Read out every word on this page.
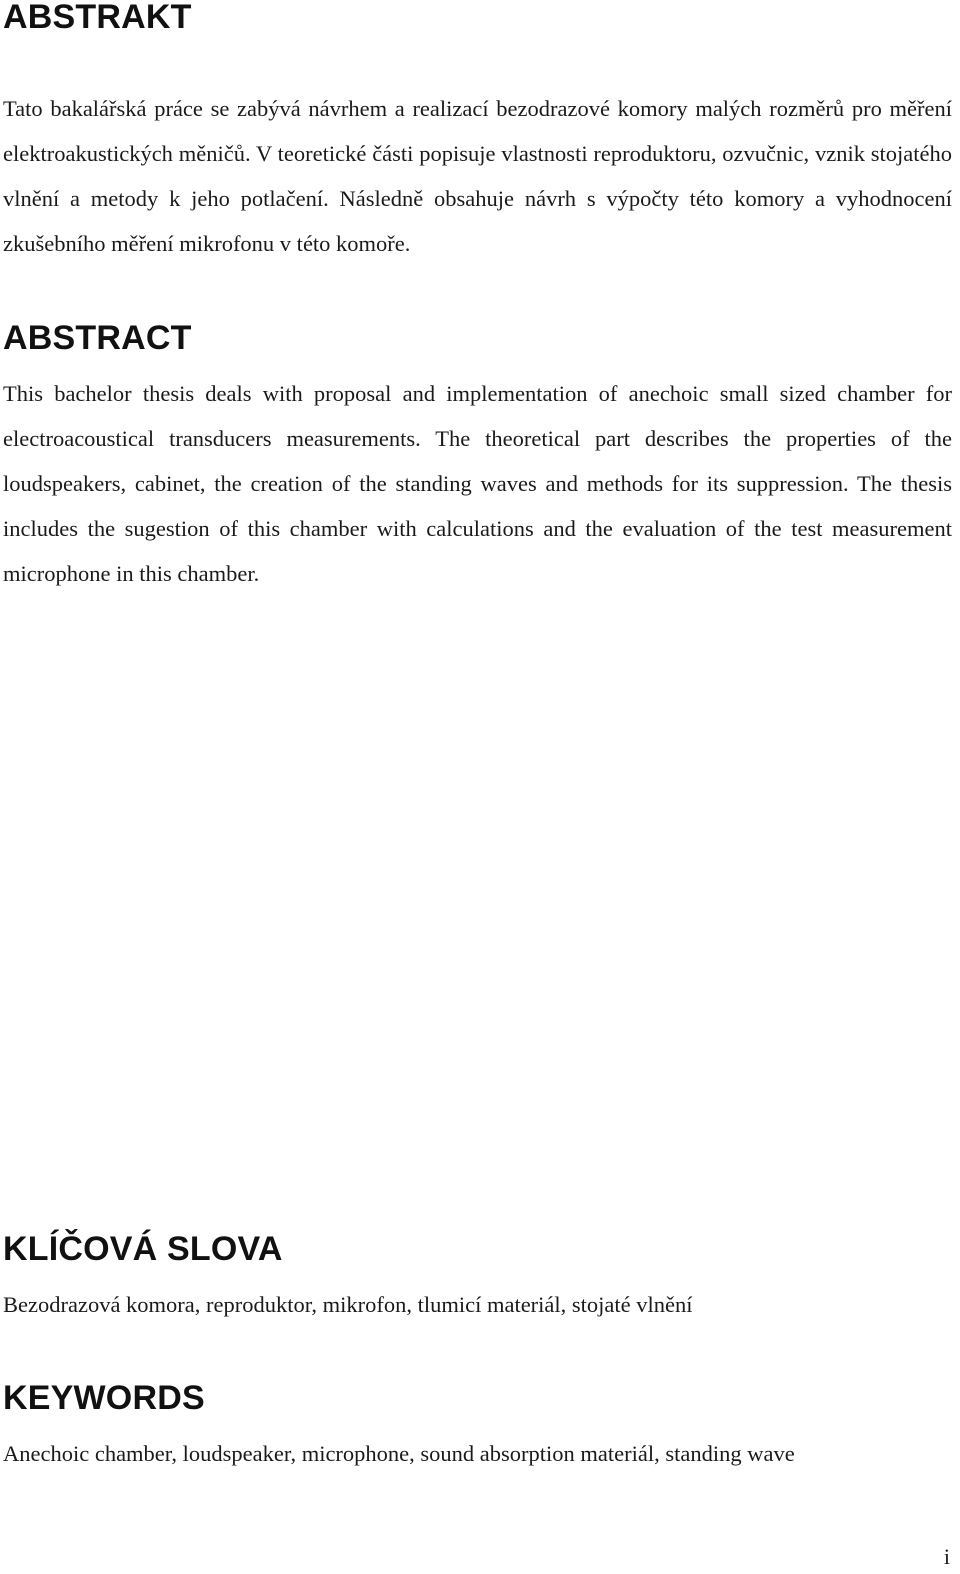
ABSTRAKT

Tato bakalářská práce se zabývá návrhem a realizací bezodrazové komory malých rozměrů pro měření elektroakustických měničů. V teoretické části popisuje vlastnosti reproduktoru, ozvučnic, vznik stojatého vlnění a metody k jeho potlačení. Následně obsahuje návrh s výpočty této komory a vyhodnocení zkušebního měření mikrofonu v této komoře.

ABSTRACT

This bachelor thesis deals with proposal and implementation of anechoic small sized chamber for electroacoustical transducers measurements. The theoretical part describes the properties of the loudspeakers, cabinet, the creation of the standing waves and methods for its suppression. The thesis includes the sugestion of this chamber with calculations and the evaluation of the test measurement microphone in this chamber.

KLÍČOVÁ SLOVA

Bezodrazová komora, reproduktor, mikrofon, tlumicí materiál, stojaté vlnění

KEYWORDS

Anechoic chamber, loudspeaker, microphone, sound absorption materiál, standing wave

i
